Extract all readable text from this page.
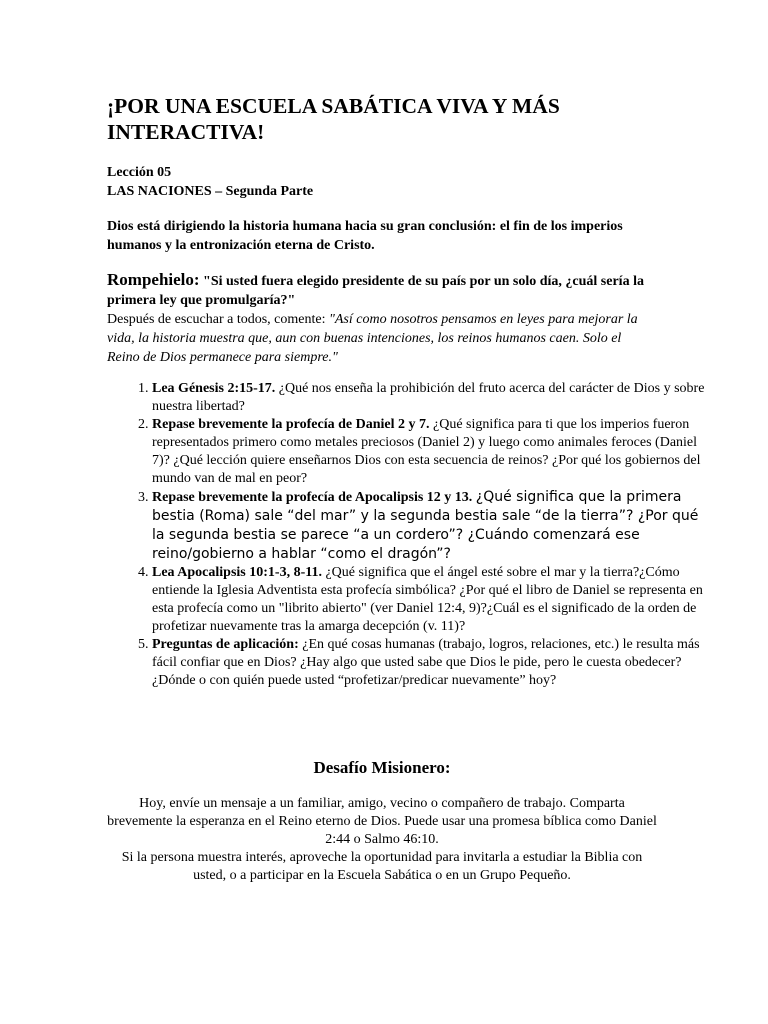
¡POR UNA ESCUELA SABÁTICA VIVA Y MÁS INTERACTIVA!
Lección 05
LAS NACIONES – Segunda Parte

Dios está dirigiendo la historia humana hacia su gran conclusión: el fin de los imperios humanos y la entronización eterna de Cristo.

Rompehielo: "Si usted fuera elegido presidente de su país por un solo día, ¿cuál sería la primera ley que promulgaría?"
Después de escuchar a todos, comente: "Así como nosotros pensamos en leyes para mejorar la vida, la historia muestra que, aun con buenas intenciones, los reinos humanos caen. Solo el Reino de Dios permanece para siempre."
1. Lea Génesis 2:15-17. ¿Qué nos enseña la prohibición del fruto acerca del carácter de Dios y sobre nuestra libertad?
2. Repase brevemente la profecía de Daniel 2 y 7. ¿Qué significa para ti que los imperios fueron representados primero como metales preciosos (Daniel 2) y luego como animales feroces (Daniel 7)? ¿Qué lección quiere enseñarnos Dios con esta secuencia de reinos? ¿Por qué los gobiernos del mundo van de mal en peor?
3. Repase brevemente la profecía de Apocalipsis 12 y 13. ¿Qué significa que la primera bestia (Roma) sale “del mar” y la segunda bestia sale “de la tierra”? ¿Por qué la segunda bestia se parece “a un cordero”? ¿Cuándo comenzará ese reino/gobierno a hablar “como el dragón”?
4. Lea Apocalipsis 10:1-3, 8-11. ¿Qué significa que el ángel esté sobre el mar y la tierra?¿Cómo entiende la Iglesia Adventista esta profecía simbólica? ¿Por qué el libro de Daniel se representa en esta profecía como un "librito abierto" (ver Daniel 12:4, 9)?¿Cuál es el significado de la orden de profetizar nuevamente tras la amarga decepción (v. 11)?
5. Preguntas de aplicación: ¿En qué cosas humanas (trabajo, logros, relaciones, etc.) le resulta más fácil confiar que en Dios? ¿Hay algo que usted sabe que Dios le pide, pero le cuesta obedecer? ¿Dónde o con quién puede usted “profetizar/predicar nuevamente” hoy?
Desafío Misionero:

Hoy, envíe un mensaje a un familiar, amigo, vecino o compañero de trabajo. Comparta brevemente la esperanza en el Reino eterno de Dios. Puede usar una promesa bíblica como Daniel 2:44 o Salmo 46:10.

Si la persona muestra interés, aproveche la oportunidad para invitarla a estudiar la Biblia con usted, o a participar en la Escuela Sabática o en un Grupo Pequeño.
